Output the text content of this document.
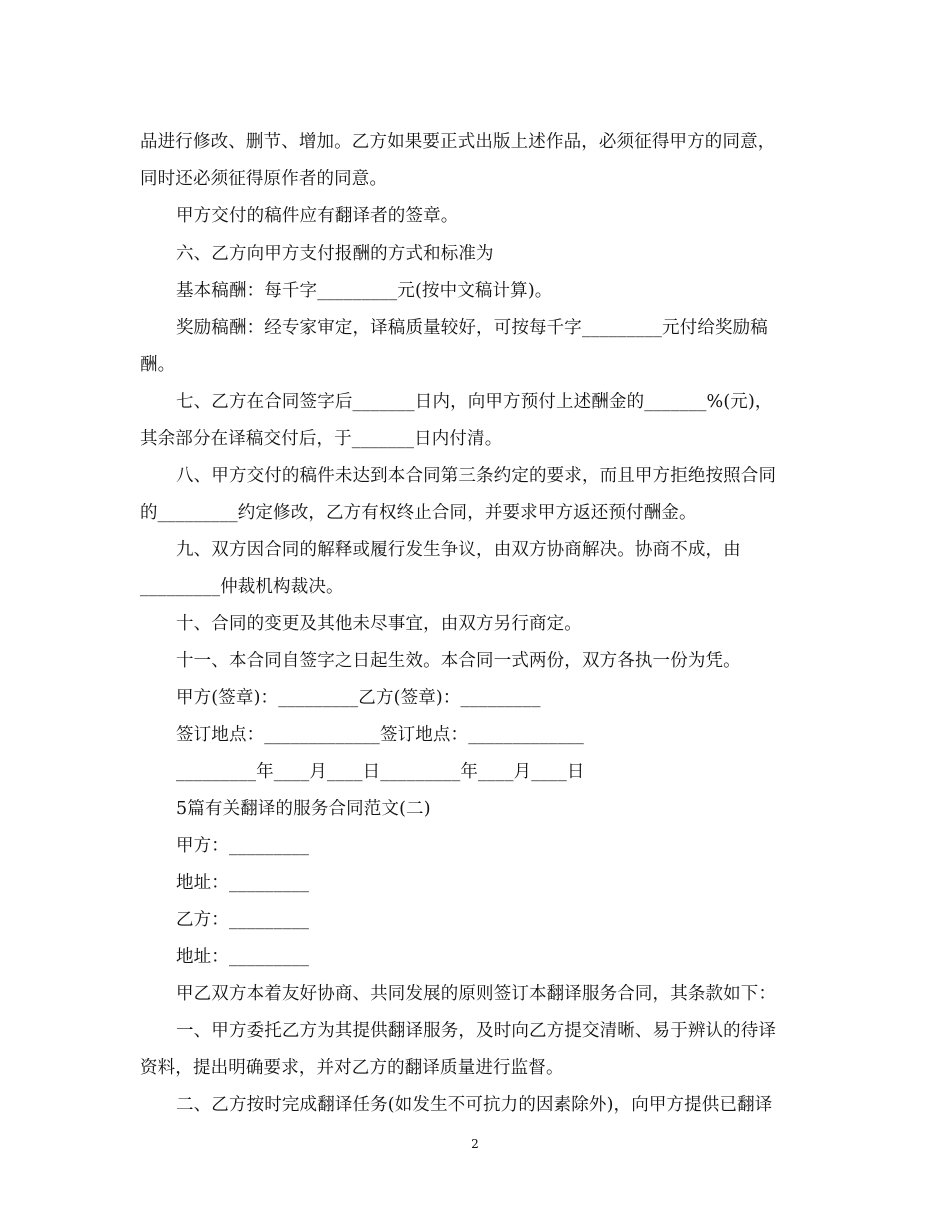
品进行修改、删节、增加。乙方如果要正式出版上述作品，必须征得甲方的同意，
同时还必须征得原作者的同意。
甲方交付的稿件应有翻译者的签章。
六、乙方向甲方支付报酬的方式和标准为
基本稿酬：每千字_________元(按中文稿计算)。
奖励稿酬：经专家审定，译稿质量较好，可按每千字_________元付给奖励稿
酬。
七、乙方在合同签字后_______日内，向甲方预付上述酬金的_______%(元)，
其余部分在译稿交付后，于_______日内付清。
八、甲方交付的稿件未达到本合同第三条约定的要求，而且甲方拒绝按照合同
的_________约定修改，乙方有权终止合同，并要求甲方返还预付酬金。
九、双方因合同的解释或履行发生争议，由双方协商解决。协商不成，由
_________仲裁机构裁决。
十、合同的变更及其他未尽事宜，由双方另行商定。
十一、本合同自签字之日起生效。本合同一式两份，双方各执一份为凭。
甲方(签章)：_________乙方(签章)：_________
签订地点：_____________签订地点：_____________
_________年____月____日_________年____月____日
5篇有关翻译的服务合同范文(二)
甲方：_________
地址：_________
乙方：_________
地址：_________
甲乙双方本着友好协商、共同发展的原则签订本翻译服务合同，其条款如下：
一、甲方委托乙方为其提供翻译服务，及时向乙方提交清晰、易于辨认的待译
资料，提出明确要求，并对乙方的翻译质量进行监督。
二、乙方按时完成翻译任务(如发生不可抗力的因素除外)，向甲方提供已翻译
2
